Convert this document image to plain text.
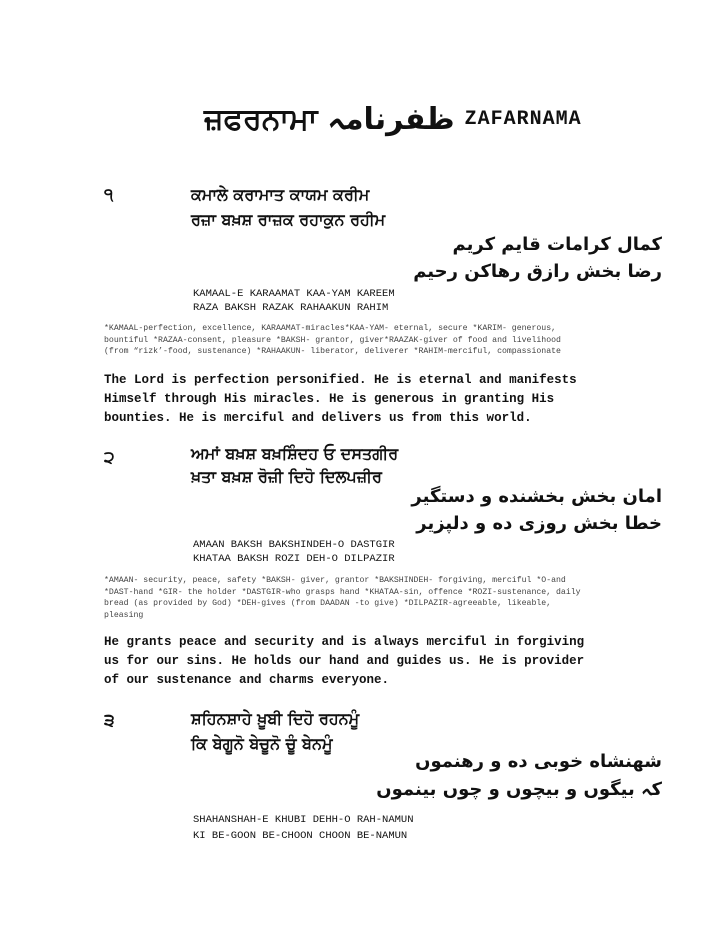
ਜ਼ਫਰਨਾਮਾ ظفرنامہ ZAFARNAMA
੧	ਕਮਾਲੇ ਕਰਾਮਾਤ ਕਾਯਮ ਕਰੀਮ
ਰਜ਼ਾ ਬਖ਼ਸ਼ ਰਾਜ਼ਕ ਰਹਾਕੁਨ ਰਹੀਮ
کمال کرامات قایم کریم
رضا بخش رازق رهاکن رحیم
KAMAAL-E KARAAMAT KAA-YAM KAREEM
RAZA BAKSH RAZAK RAHAAKUN RAHIM
*KAMAAL-perfection, excellence, KARAAMAT-miracles*KAA-YAM- eternal, secure *KARIM- generous,
bountiful *RAZAA-consent, pleasure *BAKSH- grantor, giver*RAAZAK-giver of food and livelihood
(from “rizk’-food, sustenance) *RAHAAKUN- liberator, deliverer *RAHIM-merciful, compassionate
The Lord is perfection personified. He is eternal and manifests
Himself through His miracles. He is generous in granting His
bounties. He is merciful and delivers us from this world.
੨	ਅਮਾਂ ਬਖ਼ਸ਼ ਬਖ਼ਸ਼ਿੰਦਹ ਓ ਦਸਤਗੀਰ
ਖ਼ਤਾ ਬਖ਼ਸ਼ ਰੋਜ਼ੀ ਦਿਹੋ ਦਿਲਪਜ਼ੀਰ
امان بخش بخشنده و دستگیر
خطا بخش روزی ده و دلپزیر
AMAAN BAKSH BAKSHINDEH-O DASTGIR
KHATAA BAKSH ROZI DEH-O DILPAZIR
*AMAAN- security, peace, safety *BAKSH- giver, grantor *BAKSHINDEH- forgiving, merciful *O-and
*DAST-hand *GIR- the holder *DASTGIR-who grasps hand *KHATAA-sin, offence *ROZI-sustenance, daily
bread (as provided by God) *DEH-gives (from DAADAN -to give) *DILPAZIR-agreeable, likeable,
pleasing
He grants peace and security and is always merciful in forgiving
us for our sins. He holds our hand and guides us. He is provider
of our sustenance and charms everyone.
੩	ਸ਼ਹਿਨਸ਼ਾਹੇ ਖ਼ੂਬੀ ਦਿਹੋ ਰਹਨਮੂੰ
ਕਿ ਬੇਗੂਨੋ ਬੇਚੂਨੋ ਚੂੰ ਬੇਨਮੂੰ
شهنشاه خوبی ده و رهنموں
کہ بیگوں و بیچوں و چوں بینموں
SHAHANSHAH-E KHUBI DEHH-O RAH-NAMUN
KI BE-GOON BE-CHOON CHOON BE-NAMUN
